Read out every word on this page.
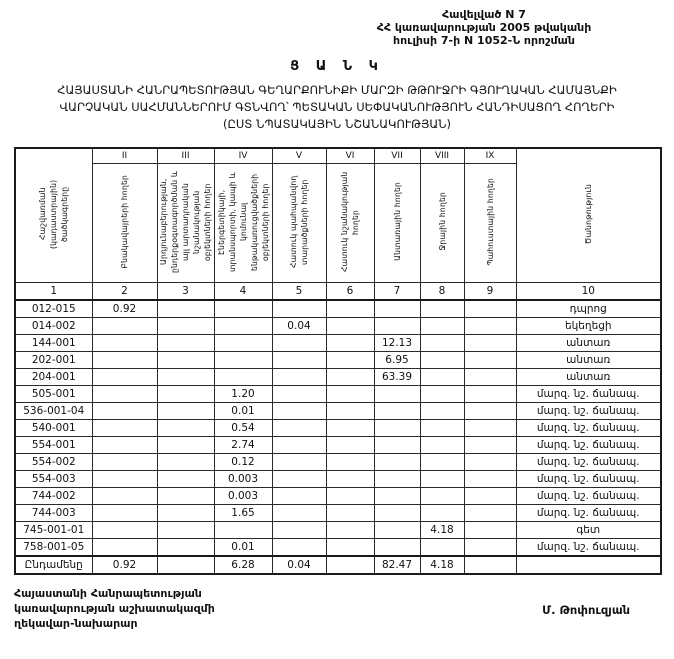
Հավելված N 7
ՀՀ կառավարության 2005 թվականի
հուլիսի 7-ի N 1052-Ն որոշման
Ց Ա Ն Կ
ՀԱՅԱՍՏԱՆԻ ՀԱՆՐԱՊԵՏՈՒԹՅԱՆ ԳԵՂԱՐՔՈՒՆԻՔԻ ՄԱՐԶԻ ԹԹՈՒՋՐԻ ԳՅՈՒՂԱԿԱՆ ՀԱՄԱՅՆՔԻ
ՎԱՐՉԱԿԱՆ ՍԱՀՄԱՆՆԵՐՈՒՄ ԳՏՆՎՈՂ՝ ՊԵՏԱԿԱՆ ՍԵՓԱԿԱՆՈՒԹՅՈՒՆ ՀԱՆԴԻՍԱՑՈՂ ՀՈՂԵՐԻ
(ԸՍՏ ՆՊԱՏԱԿԱՅԻՆ ՆՇԱՆԱԿՈՒԹՅԱՆ)
Հաշվառման (կադաստրային) ծածկագրերը	II	III	IV	V	VI	VII	VIII	IX	Ծանոթություն
	Բնակավայրերի հողեր	Արդյունաբերության, ընդերքօգտագործման և այլ արտադրական նշանակության օբյեկտների հողեր	Էներգետիկայի, տրանսպորտի, կապի և կոմունալ ենթակառուցվածքների օբյեկտների հողեր	Հատուկ պահպանվող տարածքների հողեր	Հատուկ նշանակության հողեր	Անտառային հողեր	Ջրային հողեր	Պահուստային հողեր	
1	2	3	4	5	6	7	8	9	10
012-015	0.92								դպրոց
014-002				0.04					եկեղեցի
144-001						12.13			անտառ
202-001						6.95			անտառ
204-001						63.39			անտառ
505-001			1.20						մարզ. նշ. ճանապ.
536-001-04			0.01						մարզ. նշ. ճանապ.
540-001			0.54						մարզ. նշ. ճանապ.
554-001			2.74						մարզ. նշ. ճանապ.
554-002			0.12						մարզ. նշ. ճանապ.
554-003			0.003						մարզ. նշ. ճանապ.
744-002			0.003						մարզ. նշ. ճանապ.
744-003			1.65						մարզ. նշ. ճանապ.
745-001-01							4.18		գետ
758-001-05			0.01						մարզ. նշ. ճանապ.
Ընդամենը	0.92		6.28	0.04		82.47	4.18		
Հայաստանի Հանրապետության
կառավարության աշխատակազմի
ղեկավար-նախարար
Մ. Թոփուզյան
